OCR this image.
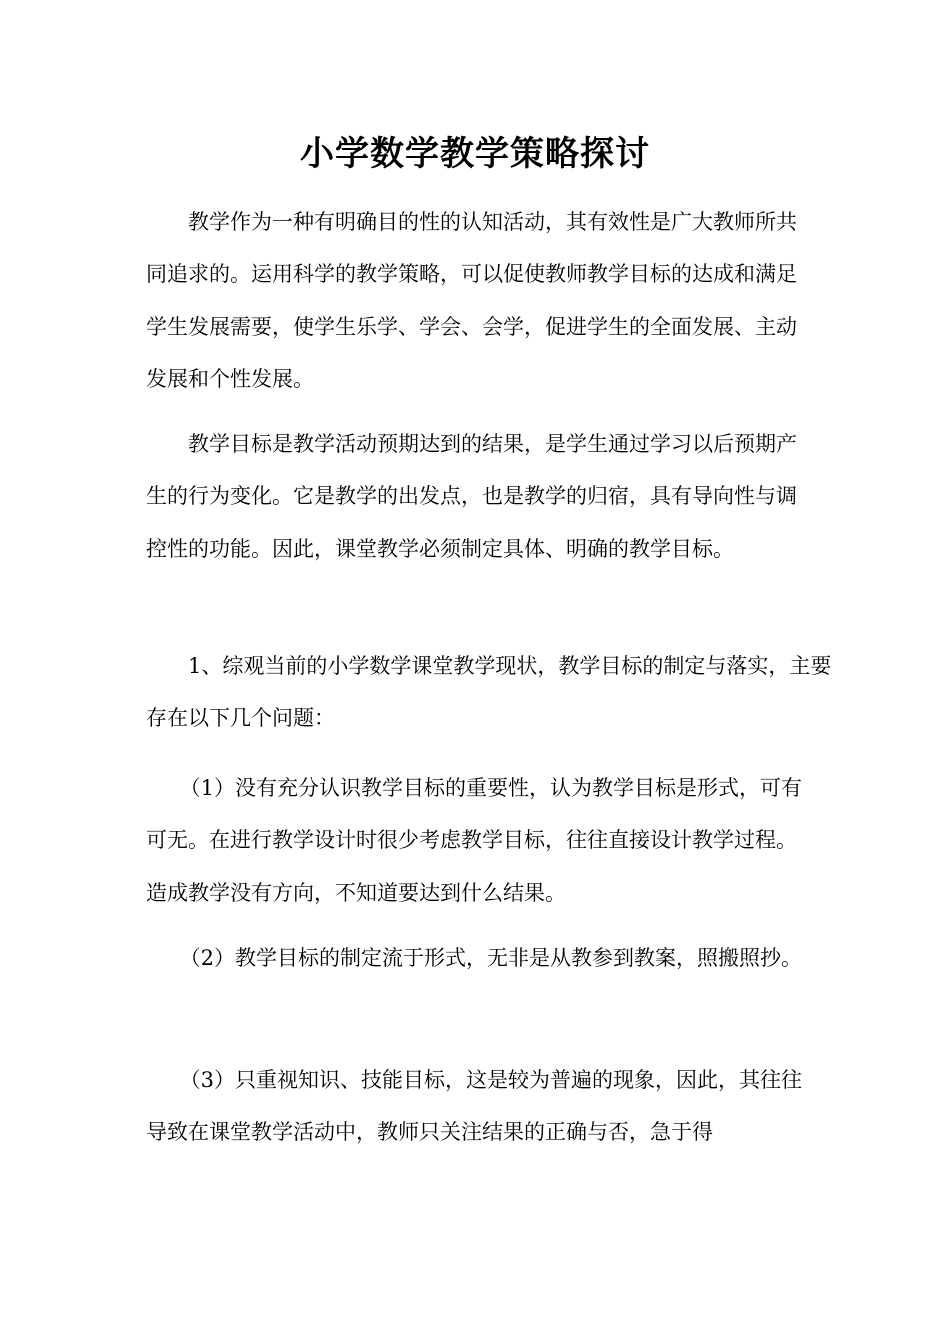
小学数学教学策略探讨

教学作为一种有明确目的性的认知活动，其有效性是广大教师所共同追求的。运用科学的教学策略，可以促使教师教学目标的达成和满足学生发展需要，使学生乐学、学会、会学，促进学生的全面发展、主动发展和个性发展。

教学目标是教学活动预期达到的结果，是学生通过学习以后预期产生的行为变化。它是教学的出发点，也是教学的归宿，具有导向性与调控性的功能。因此，课堂教学必须制定具体、明确的教学目标。

1、综观当前的小学数学课堂教学现状，教学目标的制定与落实，主要存在以下几个问题：

（1）没有充分认识教学目标的重要性，认为教学目标是形式，可有可无。在进行教学设计时很少考虑教学目标，往往直接设计教学过程。造成教学没有方向，不知道要达到什么结果。

（2）教学目标的制定流于形式，无非是从教参到教案，照搬照抄。

（3）只重视知识、技能目标，这是较为普遍的现象，因此，其往往导致在课堂教学活动中，教师只关注结果的正确与否，急于得
